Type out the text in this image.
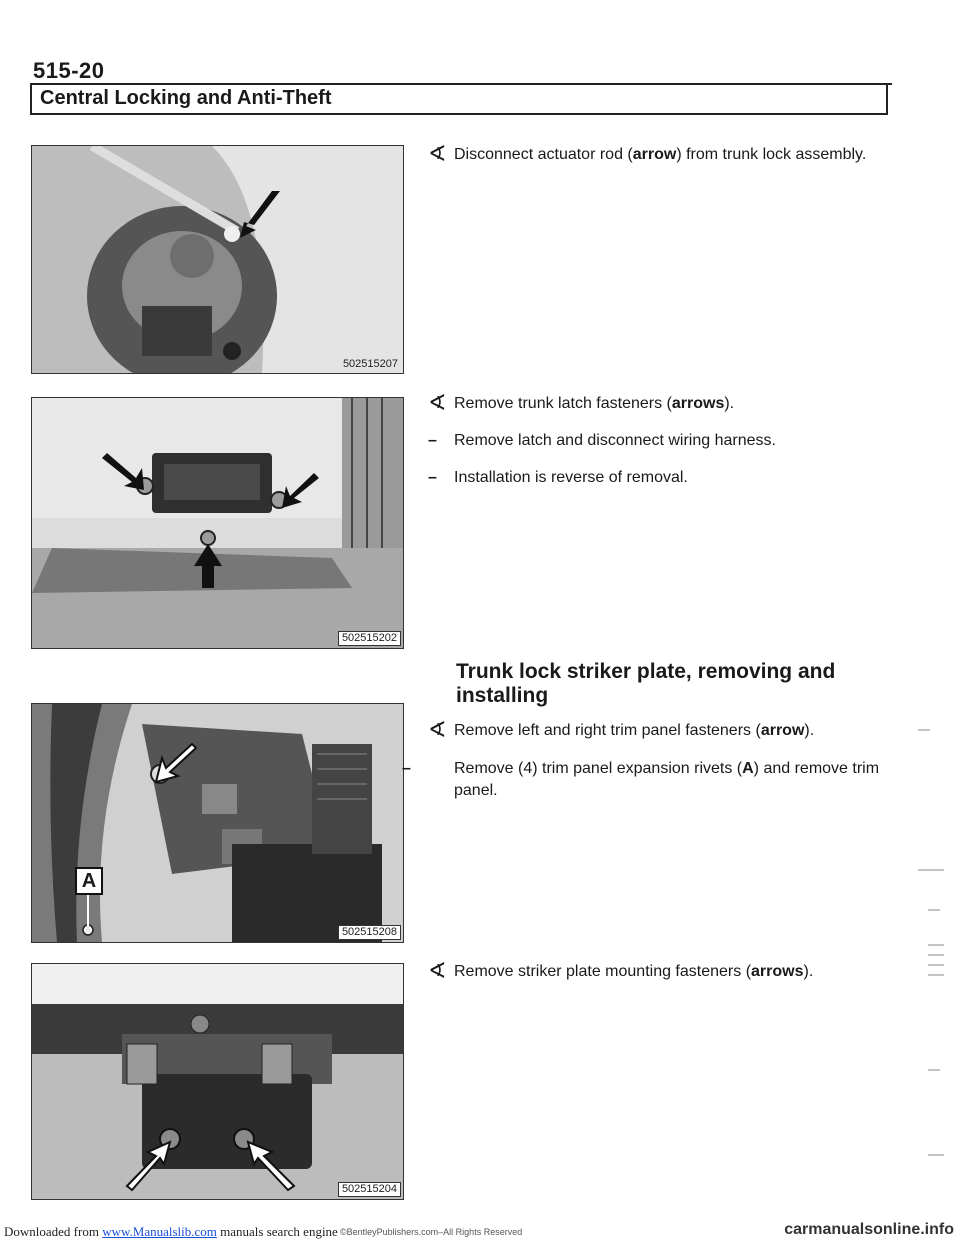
515-20
Central Locking and Anti-Theft
502515207
502515202
A
502515208
502515204
∢ Disconnect actuator rod (arrow) from trunk lock assembly.
∢ Remove trunk latch fasteners (arrows).
– Remove latch and disconnect wiring harness.
– Installation is reverse of removal.
Trunk lock striker plate, removing and installing
∢ Remove left and right trim panel fasteners (arrow).
–	Remove (4) trim panel expansion rivets (A) and remove trim panel.
∢ Remove striker plate mounting fasteners (arrows).
Downloaded from www.Manualslib.com manuals search engine ©BentleyPublishers.com–All Rights Reserved	carmanualsonline.info
